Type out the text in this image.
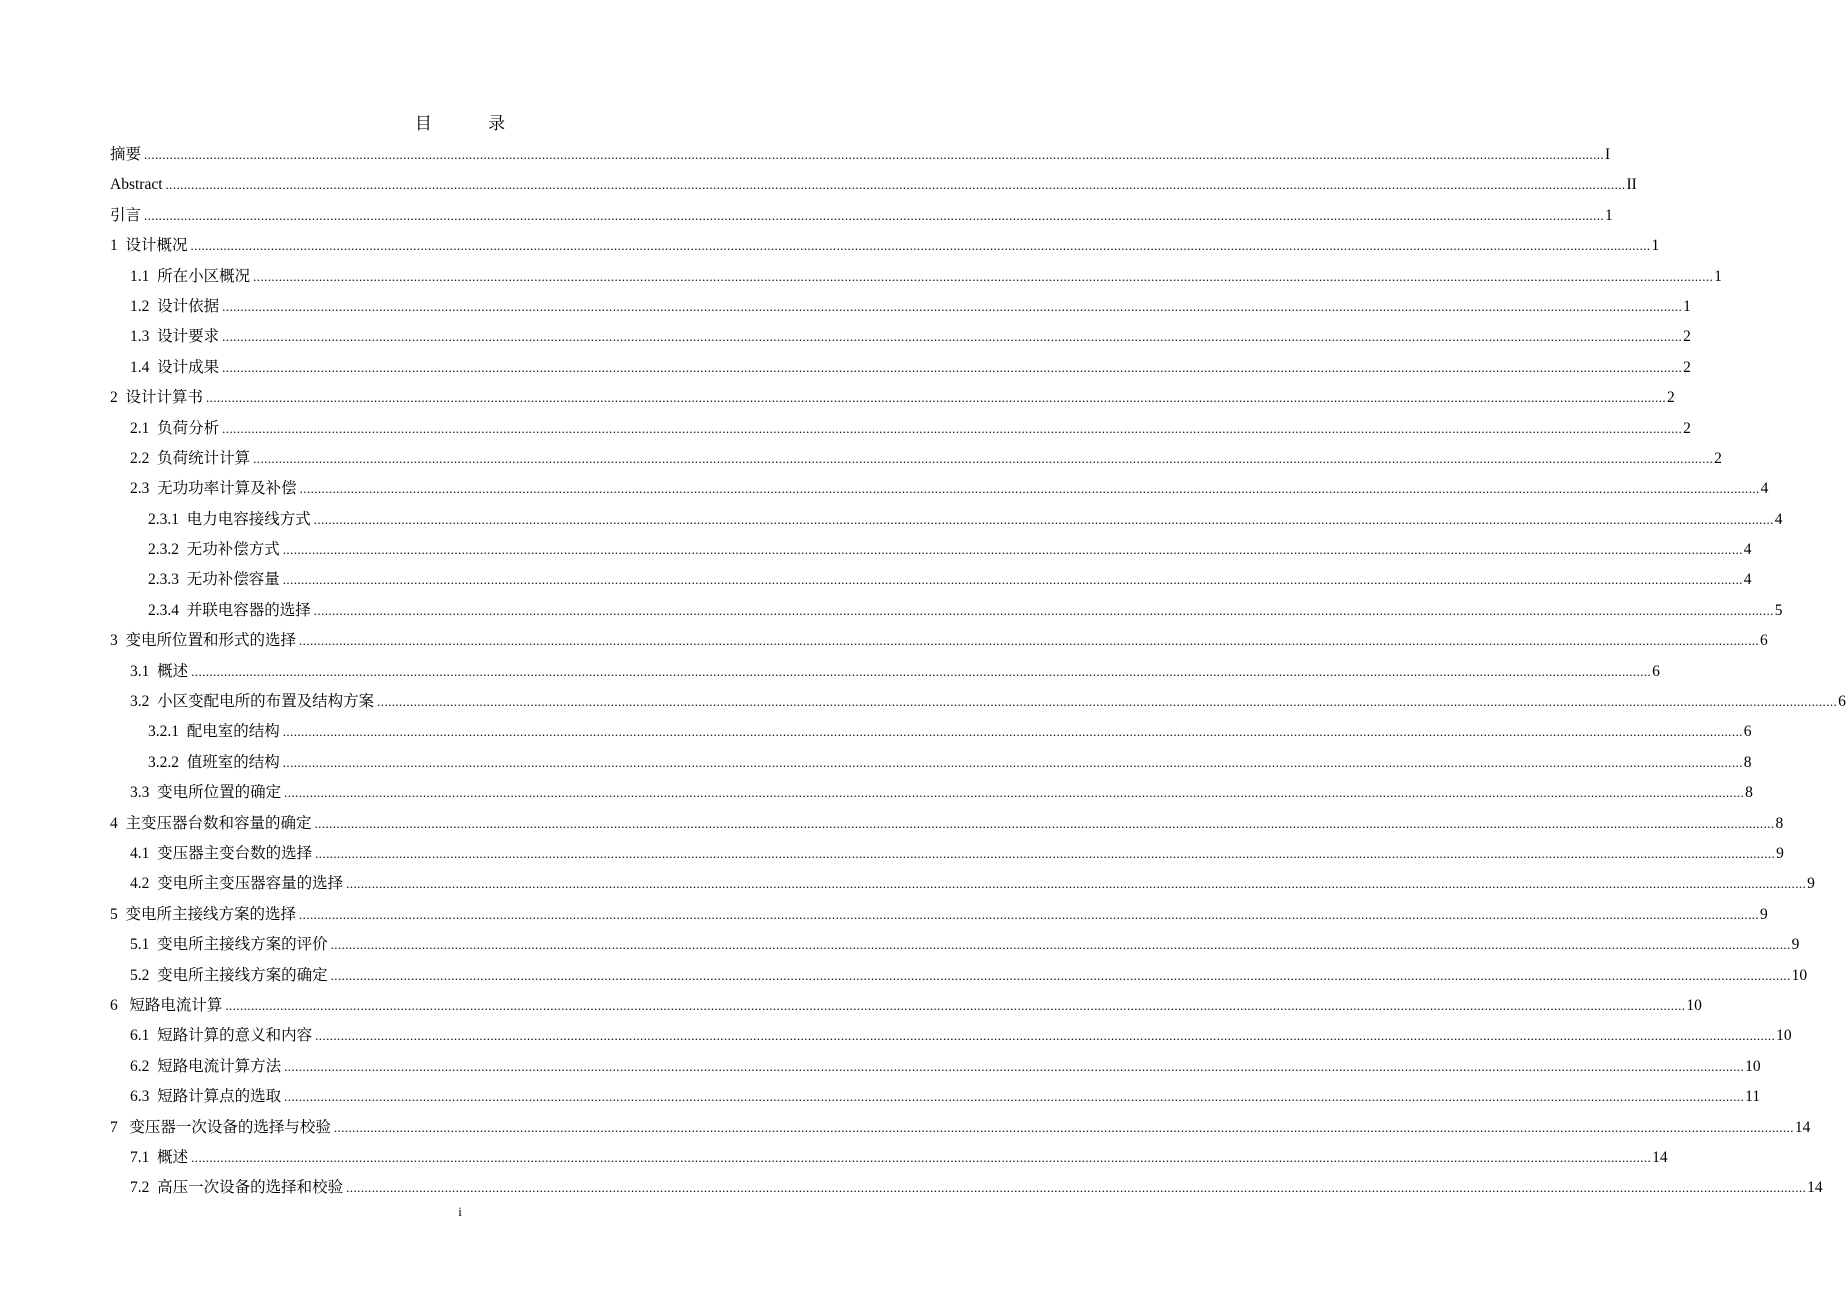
目 录
摘要 ................................................................................................................................................................................................................................................................................................................................................................................................................ I
Abstract ................................................................................................................................................................................................................................................................................................................................................................................................................ II
引言 ................................................................................................................................................................................................................................................................................................................................................................................................................ 1
1
设计概况 ................................................................................................................................................................................................................................................................................................................................................................................................................ 1
1.1
所在小区概况 ................................................................................................................................................................................................................................................................................................................................................................................................................ 1
1.2
设计依据 ................................................................................................................................................................................................................................................................................................................................................................................................................ 1
1.3
设计要求 ................................................................................................................................................................................................................................................................................................................................................................................................................ 2
1.4
设计成果 ................................................................................................................................................................................................................................................................................................................................................................................................................ 2
2
设计计算书 ................................................................................................................................................................................................................................................................................................................................................................................................................ 2
2.1
负荷分析 ................................................................................................................................................................................................................................................................................................................................................................................................................ 2
2.2
负荷统计计算 ................................................................................................................................................................................................................................................................................................................................................................................................................ 2
2.3
无功功率计算及补偿 ................................................................................................................................................................................................................................................................................................................................................................................................................ 4
2.3.1
电力电容接线方式 ................................................................................................................................................................................................................................................................................................................................................................................................................ 4
2.3.2
无功补偿方式 ................................................................................................................................................................................................................................................................................................................................................................................................................ 4
2.3.3
无功补偿容量 ................................................................................................................................................................................................................................................................................................................................................................................................................ 4
2.3.4
并联电容器的选择 ................................................................................................................................................................................................................................................................................................................................................................................................................ 5
3
变电所位置和形式的选择 ................................................................................................................................................................................................................................................................................................................................................................................................................ 6
3.1
概述 ................................................................................................................................................................................................................................................................................................................................................................................................................ 6
3.2
小区变配电所的布置及结构方案 ................................................................................................................................................................................................................................................................................................................................................................................................................ 6
3.2.1
配电室的结构 ................................................................................................................................................................................................................................................................................................................................................................................................................ 6
3.2.2
值班室的结构 ................................................................................................................................................................................................................................................................................................................................................................................................................ 8
3.3
变电所位置的确定 ................................................................................................................................................................................................................................................................................................................................................................................................................ 8
4
主变压器台数和容量的确定 ................................................................................................................................................................................................................................................................................................................................................................................................................ 8
4.1
变压器主变台数的选择 ................................................................................................................................................................................................................................................................................................................................................................................................................ 9
4.2
变电所主变压器容量的选择 ................................................................................................................................................................................................................................................................................................................................................................................................................ 9
5
变电所主接线方案的选择 ................................................................................................................................................................................................................................................................................................................................................................................................................ 9
5.1
变电所主接线方案的评价 ................................................................................................................................................................................................................................................................................................................................................................................................................ 9
5.2
变电所主接线方案的确定 ................................................................................................................................................................................................................................................................................................................................................................................................................ 10
6
短路电流计算 ................................................................................................................................................................................................................................................................................................................................................................................................................ 10
6.1
短路计算的意义和内容 ................................................................................................................................................................................................................................................................................................................................................................................................................ 10
6.2
短路电流计算方法 ................................................................................................................................................................................................................................................................................................................................................................................................................ 10
6.3
短路计算点的选取 ................................................................................................................................................................................................................................................................................................................................................................................................................ 11
7
变压器一次设备的选择与校验 ................................................................................................................................................................................................................................................................................................................................................................................................................ 14
7.1
概述 ................................................................................................................................................................................................................................................................................................................................................................................................................ 14
7.2
高压一次设备的选择和校验 ................................................................................................................................................................................................................................................................................................................................................................................................................ 14
i
